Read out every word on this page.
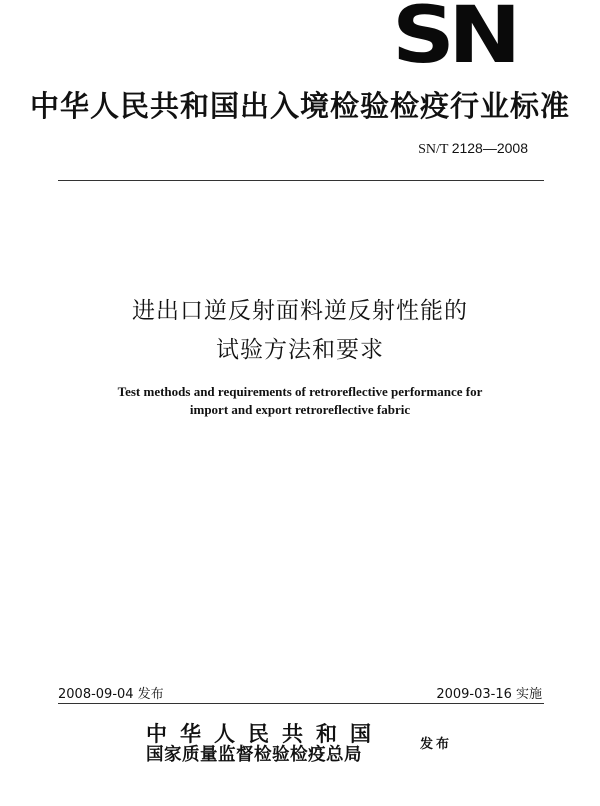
SN
中华人民共和国出入境检验检疫行业标准
SN/T 2128—2008
进出口逆反射面料逆反射性能的
试验方法和要求
Test methods and requirements of retroreflective performance for
import and export retroreflective fabric
2008-09-04 发布	2009-03-16 实施
中华人民共和国
国家质量监督检验检疫总局
发布
